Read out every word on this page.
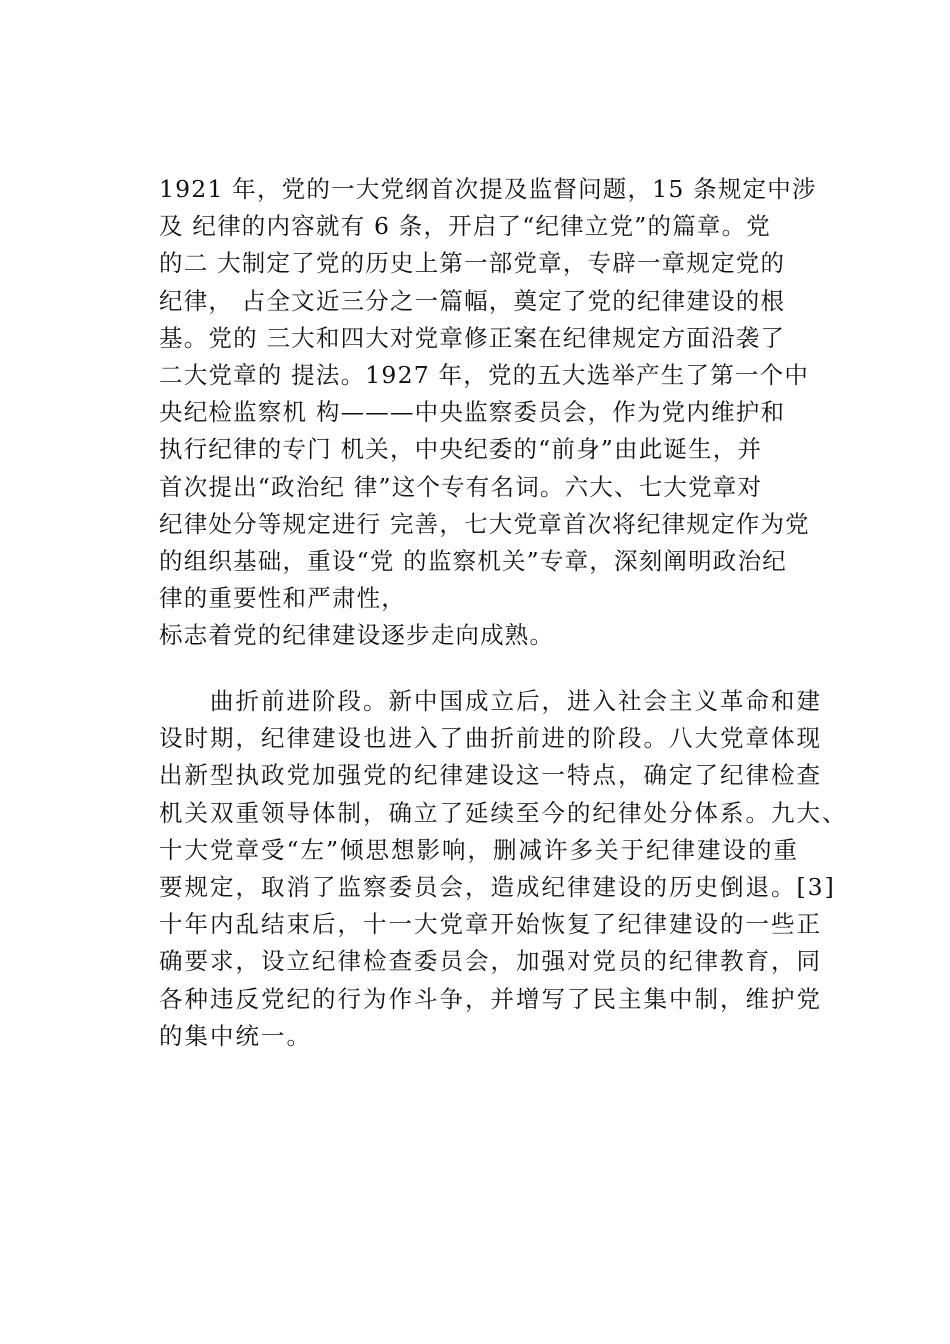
1921 年，党的一大党纲首次提及监督问题，15 条规定中涉
及 纪律的内容就有 6 条，开启了“纪律立党”的篇章。党
的二 大制定了党的历史上第一部党章，专辟一章规定党的
纪律， 占全文近三分之一篇幅，奠定了党的纪律建设的根
基。党的 三大和四大对党章修正案在纪律规定方面沿袭了
二大党章的 提法。1927 年，党的五大选举产生了第一个中
央纪检监察机 构———中央监察委员会，作为党内维护和
执行纪律的专门 机关，中央纪委的“前身”由此诞生，并
首次提出“政治纪 律”这个专有名词。六大、七大党章对
纪律处分等规定进行 完善，七大党章首次将纪律规定作为党
的组织基础，重设“党 的监察机关”专章，深刻阐明政治纪
律的重要性和严肃性，
标志着党的纪律建设逐步走向成熟。
　　曲折前进阶段。新中国成立后，进入社会主义革命和建
设时期，纪律建设也进入了曲折前进的阶段。八大党章体现
出新型执政党加强党的纪律建设这一特点，确定了纪律检查
机关双重领导体制，确立了延续至今的纪律处分体系。九大、
十大党章受“左”倾思想影响，删减许多关于纪律建设的重
要规定，取消了监察委员会，造成纪律建设的历史倒退。[3]
十年内乱结束后，十一大党章开始恢复了纪律建设的一些正
确要求，设立纪律检查委员会，加强对党员的纪律教育，同
各种违反党纪的行为作斗争，并增写了民主集中制，维护党
的集中统一。
